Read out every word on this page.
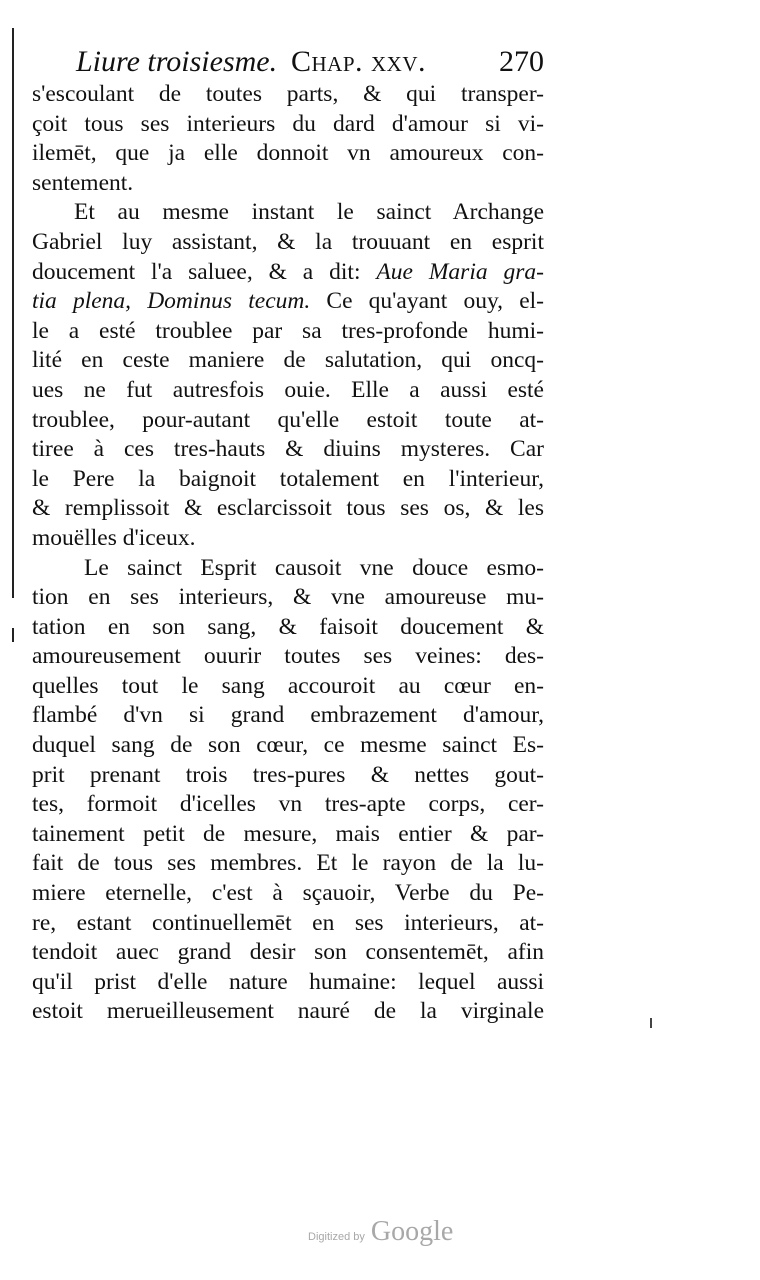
Liure troisiesme. Chap. xxv. 270
s'escoulant de toutes parts, & qui transper-
çoit tous ses interieurs du dard d'amour si vi-
ilemēt, que ja elle donnoit vn amoureux con-
sentement.
Et au mesme instant le sainct Archange
Gabriel luy assistant, & la trouuant en esprit
doucement l'a saluee, & a dit: Aue Maria gra-
tia plena, Dominus tecum. Ce qu'ayant ouy, el-
le a esté troublee par sa tres-profonde humi-
lité en ceste maniere de salutation, qui oncq-
ues ne fut autresfois ouie. Elle a aussi esté
troublee, pour-autant qu'elle estoit toute at-
tiree à ces tres-hauts & diuins mysteres. Car
le Pere la baignoit totalement en l'interieur,
& remplissoit & esclarcissoit tous ses os, & les
mouëlles d'iceux.
Le sainct Esprit causoit vne douce esmo-
tion en ses interieurs, & vne amoureuse mu-
tation en son sang, & faisoit doucement &
amoureusement ouurir toutes ses veines: des-
quelles tout le sang accouroit au cœur en-
flambé d'vn si grand embrazement d'amour,
duquel sang de son cœur, ce mesme sainct Es-
prit prenant trois tres-pures & nettes gout-
tes, formoit d'icelles vn tres-apte corps, cer-
tainement petit de mesure, mais entier & par-
fait de tous ses membres. Et le rayon de la lu-
miere eternelle, c'est à sçauoir, Verbe du Pe-
re, estant continuellemēt en ses interieurs, at-
tendoit auec grand desir son consentemēt, afin
qu'il prist d'elle nature humaine: lequel aussi
estoit merueilleusement nauré de la virginale
Digitized by Google
